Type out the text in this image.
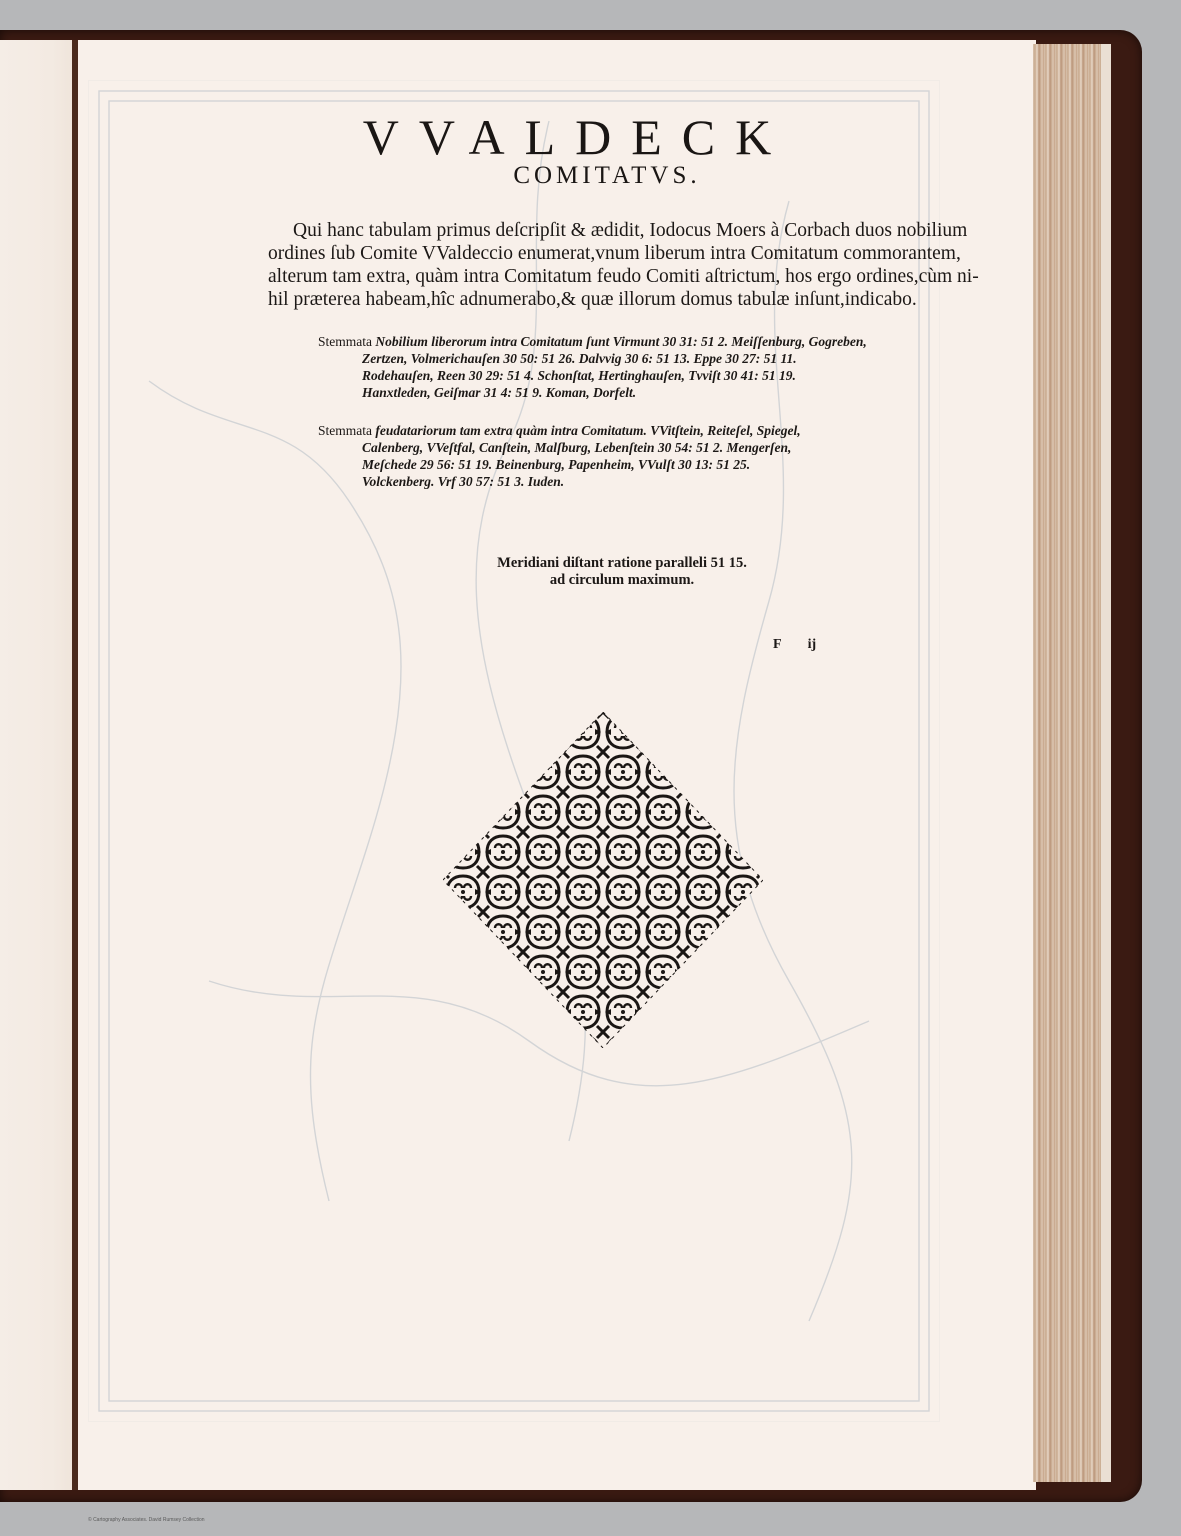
VVALDECK
COMITATVS.
Qui hanc tabulam primus deſcripſit & ædidit, Iodocus Moers à Corbach duos nobilium
ordines ſub Comite VValdeccio enumerat,vnum liberum intra Comitatum commorantem,
alterum tam extra, quàm intra Comitatum feudo Comiti aſtrictum, hos ergo ordines,cùm ni-
hil præterea habeam,hîc adnumerabo,& quæ illorum domus tabulæ inſunt,indicabo.
Stemmata Nobilium liberorum intra Comitatum ſunt Virmunt 30 31: 51 2. Meiſſenburg, Gogreben,
Zertzen, Volmerichauſen 30 50: 51 26. Dalvvig 30 6: 51 13. Eppe 30 27: 51 11.
Rodehauſen, Reen 30 29: 51 4. Schonſtat, Hertinghauſen, Tvviſt 30 41: 51 19.
Hanxtleden, Geiſmar 31 4: 51 9. Koman, Dorfelt.
Stemmata feudatariorum tam extra quàm intra Comitatum. VVitſtein, Reiteſel, Spiegel,
Calenberg, VVeſtfal, Canſtein, Malſburg, Lebenſtein 30 54: 51 2. Mengerſen,
Meſchede 29 56: 51 19. Beinenburg, Papenheim, VVulſt 30 13: 51 25.
Volckenberg. Vrf 30 57: 51 3. Iuden.
Meridiani diſtant ratione paralleli 51 15.
ad circulum maximum.
F ij
© Cartography Associates. David Rumsey Collection
